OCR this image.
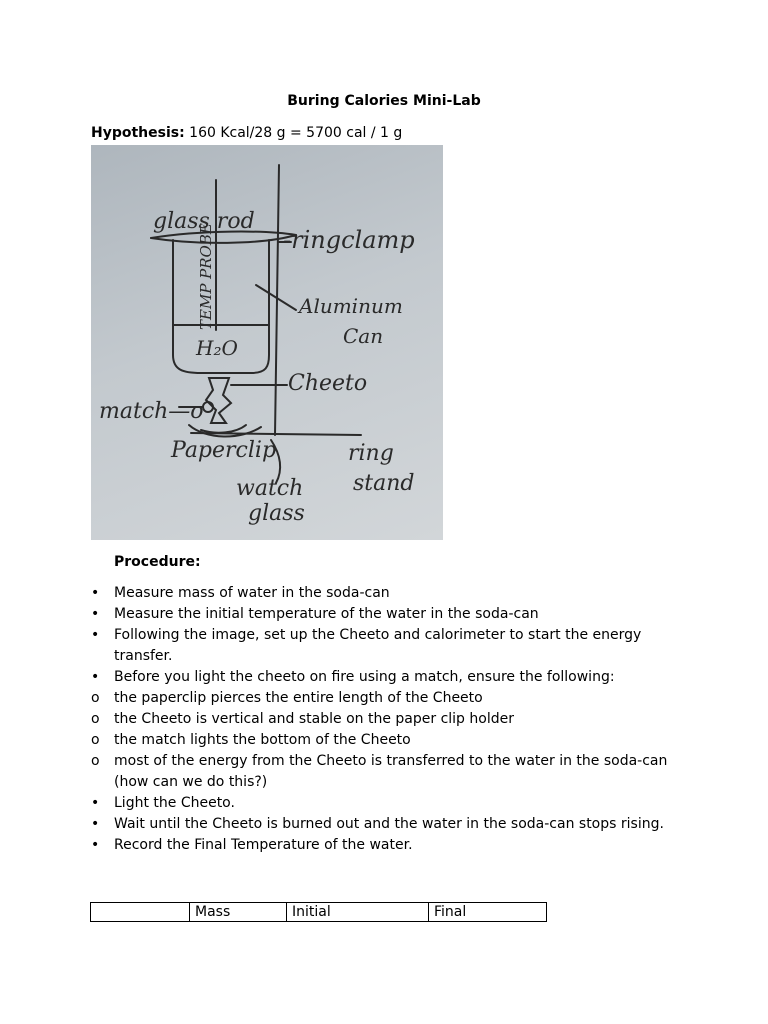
Buring Calories Mini-Lab
Hypothesis: 160 Kcal/28 g = 5700 cal / 1 g
glass rod
-ringclamp
TEMP PROBE	Aluminum
Can
H₂O
Cheeto
match—o
Paperclip	ring
stand
watch
glass
Procedure:
•	Measure mass of water in the soda-can
•	Measure the initial temperature of the water in the soda-can
•	Following the image, set up the Cheeto and calorimeter to start the energy transfer.
•	Before you light the cheeto on fire using a match, ensure the following:
o	the paperclip pierces the entire length of the Cheeto
o	the Cheeto is vertical and stable on the paper clip holder
o	the match lights the bottom of the Cheeto
o	most of the energy from the Cheeto is transferred to the water in the soda-can (how can we do this?)
•	Light the Cheeto.
•	Wait until the Cheeto is burned out and the water in the soda-can stops rising.
•	Record the Final Temperature of the water.
	Mass	Initial	Final
